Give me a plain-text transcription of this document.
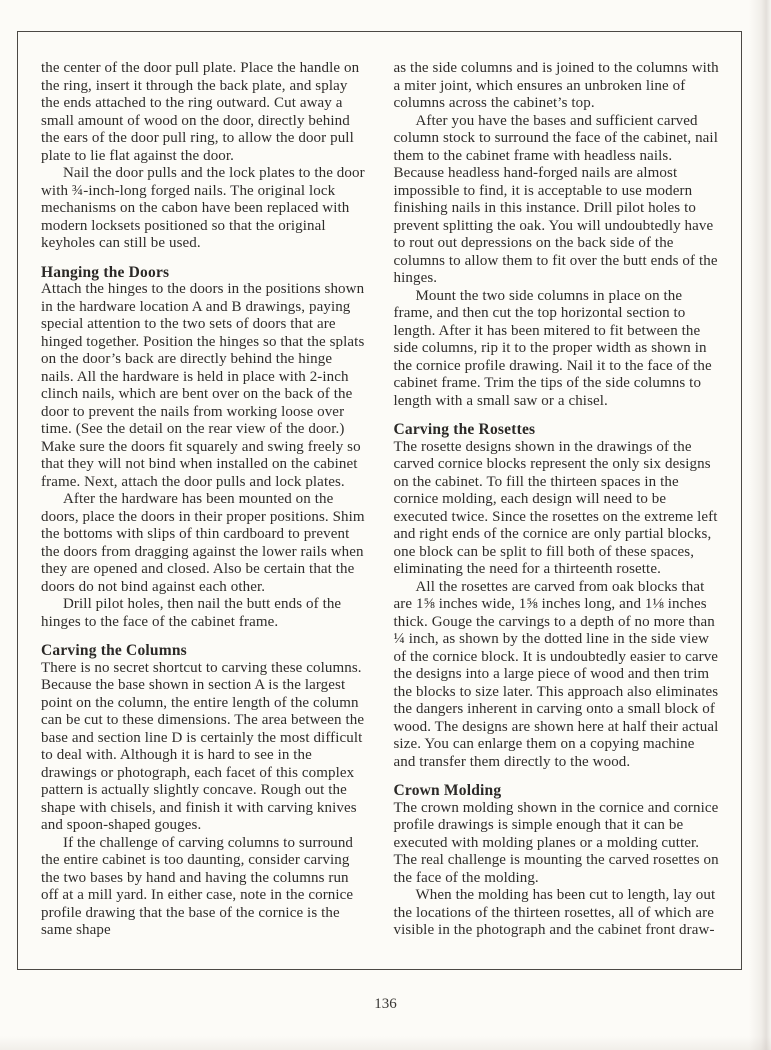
the center of the door pull plate. Place the handle on the ring, insert it through the back plate, and splay the ends attached to the ring outward. Cut away a small amount of wood on the door, directly behind the ears of the door pull ring, to allow the door pull plate to lie flat against the door.

Nail the door pulls and the lock plates to the door with ¾-inch-long forged nails. The original lock mechanisms on the cabon have been replaced with modern locksets positioned so that the original keyholes can still be used.

Hanging the Doors

Attach the hinges to the doors in the positions shown in the hardware location A and B drawings, paying special attention to the two sets of doors that are hinged together. Position the hinges so that the splats on the door’s back are directly behind the hinge nails. All the hardware is held in place with 2-inch clinch nails, which are bent over on the back of the door to prevent the nails from working loose over time. (See the detail on the rear view of the door.) Make sure the doors fit squarely and swing freely so that they will not bind when installed on the cabinet frame. Next, attach the door pulls and lock plates.

After the hardware has been mounted on the doors, place the doors in their proper positions. Shim the bottoms with slips of thin cardboard to prevent the doors from dragging against the lower rails when they are opened and closed. Also be certain that the doors do not bind against each other.

Drill pilot holes, then nail the butt ends of the hinges to the face of the cabinet frame.

Carving the Columns

There is no secret shortcut to carving these columns. Because the base shown in section A is the largest point on the column, the entire length of the column can be cut to these dimensions. The area between the base and section line D is certainly the most difficult to deal with. Although it is hard to see in the drawings or photograph, each facet of this complex pattern is actually slightly concave. Rough out the shape with chisels, and finish it with carving knives and spoon-shaped gouges.

If the challenge of carving columns to surround the entire cabinet is too daunting, consider carving the two bases by hand and having the columns run off at a mill yard. In either case, note in the cornice profile drawing that the base of the cornice is the same shape

as the side columns and is joined to the columns with a miter joint, which ensures an unbroken line of columns across the cabinet’s top.

After you have the bases and sufficient carved column stock to surround the face of the cabinet, nail them to the cabinet frame with headless nails. Because headless hand-forged nails are almost impossible to find, it is acceptable to use modern finishing nails in this instance. Drill pilot holes to prevent splitting the oak. You will undoubtedly have to rout out depressions on the back side of the columns to allow them to fit over the butt ends of the hinges.

Mount the two side columns in place on the frame, and then cut the top horizontal section to length. After it has been mitered to fit between the side columns, rip it to the proper width as shown in the cornice profile drawing. Nail it to the face of the cabinet frame. Trim the tips of the side columns to length with a small saw or a chisel.

Carving the Rosettes

The rosette designs shown in the drawings of the carved cornice blocks represent the only six designs on the cabinet. To fill the thirteen spaces in the cornice molding, each design will need to be executed twice. Since the rosettes on the extreme left and right ends of the cornice are only partial blocks, one block can be split to fill both of these spaces, eliminating the need for a thirteenth rosette.

All the rosettes are carved from oak blocks that are 1⅝ inches wide, 1⅝ inches long, and 1⅛ inches thick. Gouge the carvings to a depth of no more than ¼ inch, as shown by the dotted line in the side view of the cornice block. It is undoubtedly easier to carve the designs into a large piece of wood and then trim the blocks to size later. This approach also eliminates the dangers inherent in carving onto a small block of wood. The designs are shown here at half their actual size. You can enlarge them on a copying machine and transfer them directly to the wood.

Crown Molding

The crown molding shown in the cornice and cornice profile drawings is simple enough that it can be executed with molding planes or a molding cutter. The real challenge is mounting the carved rosettes on the face of the molding.

When the molding has been cut to length, lay out the locations of the thirteen rosettes, all of which are visible in the photograph and the cabinet front draw-

136
